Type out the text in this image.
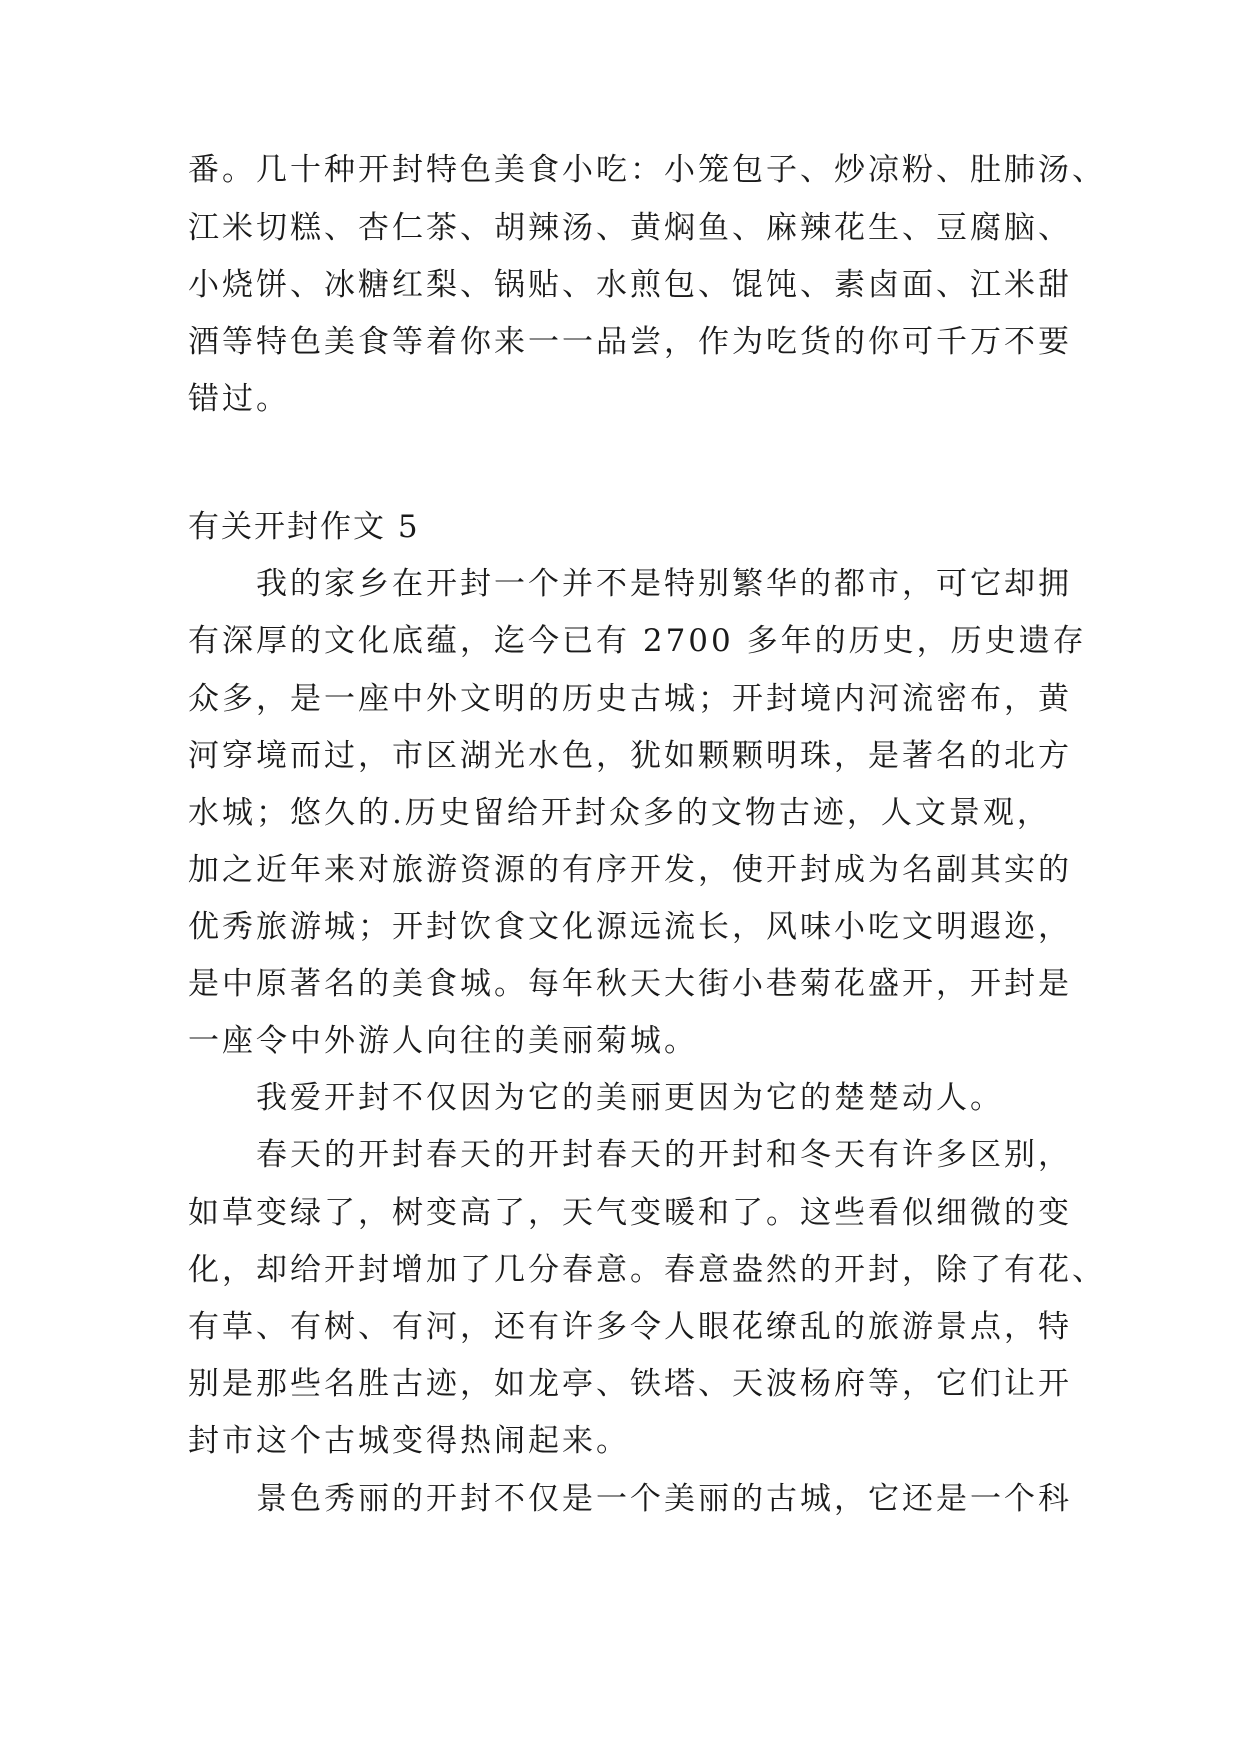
番。几十种开封特色美食小吃：小笼包子、炒凉粉、肚肺汤、
江米切糕、杏仁茶、胡辣汤、黄焖鱼、麻辣花生、豆腐脑、
小烧饼、冰糖红梨、锅贴、水煎包、馄饨、素卤面、江米甜
酒等特色美食等着你来一一品尝，作为吃货的你可千万不要
错过。
有关开封作文 5
我的家乡在开封一个并不是特别繁华的都市，可它却拥
有深厚的文化底蕴，迄今已有 2700 多年的历史，历史遗存
众多，是一座中外文明的历史古城；开封境内河流密布，黄
河穿境而过，市区湖光水色，犹如颗颗明珠，是著名的北方
水城；悠久的.历史留给开封众多的文物古迹，人文景观，
加之近年来对旅游资源的有序开发，使开封成为名副其实的
优秀旅游城；开封饮食文化源远流长，风味小吃文明遐迩，
是中原著名的美食城。每年秋天大街小巷菊花盛开，开封是
一座令中外游人向往的美丽菊城。
我爱开封不仅因为它的美丽更因为它的楚楚动人。
春天的开封春天的开封春天的开封和冬天有许多区别，
如草变绿了，树变高了，天气变暖和了。这些看似细微的变
化，却给开封增加了几分春意。春意盎然的开封，除了有花、
有草、有树、有河，还有许多令人眼花缭乱的旅游景点，特
别是那些名胜古迹，如龙亭、铁塔、天波杨府等，它们让开
封市这个古城变得热闹起来。
景色秀丽的开封不仅是一个美丽的古城，它还是一个科
